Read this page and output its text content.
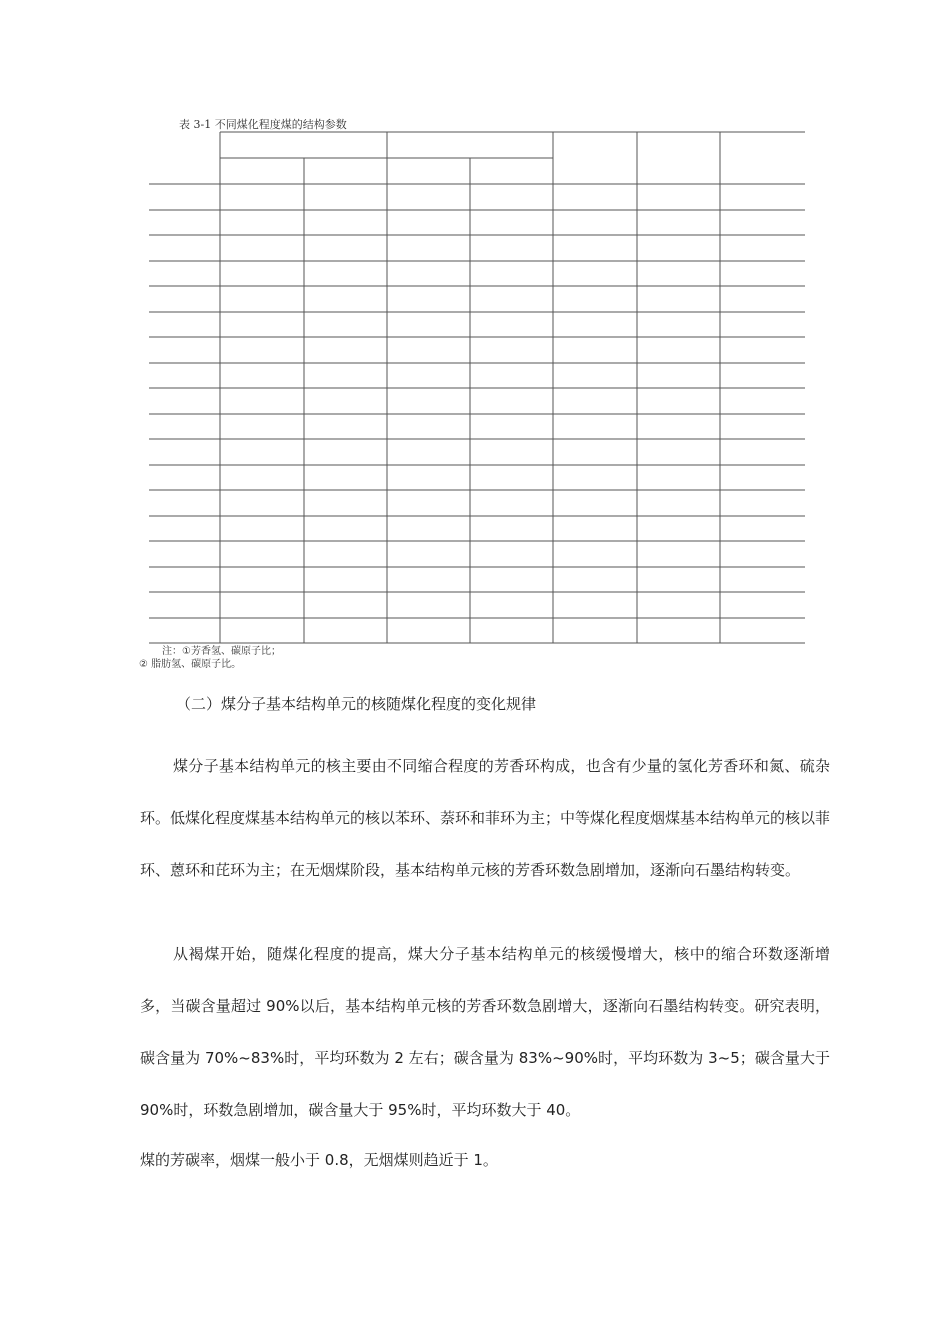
表 3-1 不同煤化程度煤的结构参数
注：①芳香氢、碳原子比；
② 脂肪氢、碳原子比。
（二）煤分子基本结构单元的核随煤化程度的变化规律
煤分子基本结构单元的核主要由不同缩合程度的芳香环构成，也含有少量的氢化芳香环和氮、硫杂环。低煤化程度煤基本结构单元的核以苯环、萘环和菲环为主；中等煤化程度烟煤基本结构单元的核以菲环、蒽环和芘环为主；在无烟煤阶段，基本结构单元核的芳香环数急剧增加，逐渐向石墨结构转变。
从褐煤开始，随煤化程度的提高，煤大分子基本结构单元的核缓慢增大，核中的缩合环数逐渐增多，当碳含量超过 90%以后，基本结构单元核的芳香环数急剧增大，逐渐向石墨结构转变。研究表明，碳含量为 70%~83%时，平均环数为 2 左右；碳含量为 83%~90%时，平均环数为 3~5；碳含量大于 90%时，环数急剧增加，碳含量大于 95%时，平均环数大于 40。
煤的芳碳率，烟煤一般小于 0.8，无烟煤则趋近于 1。
